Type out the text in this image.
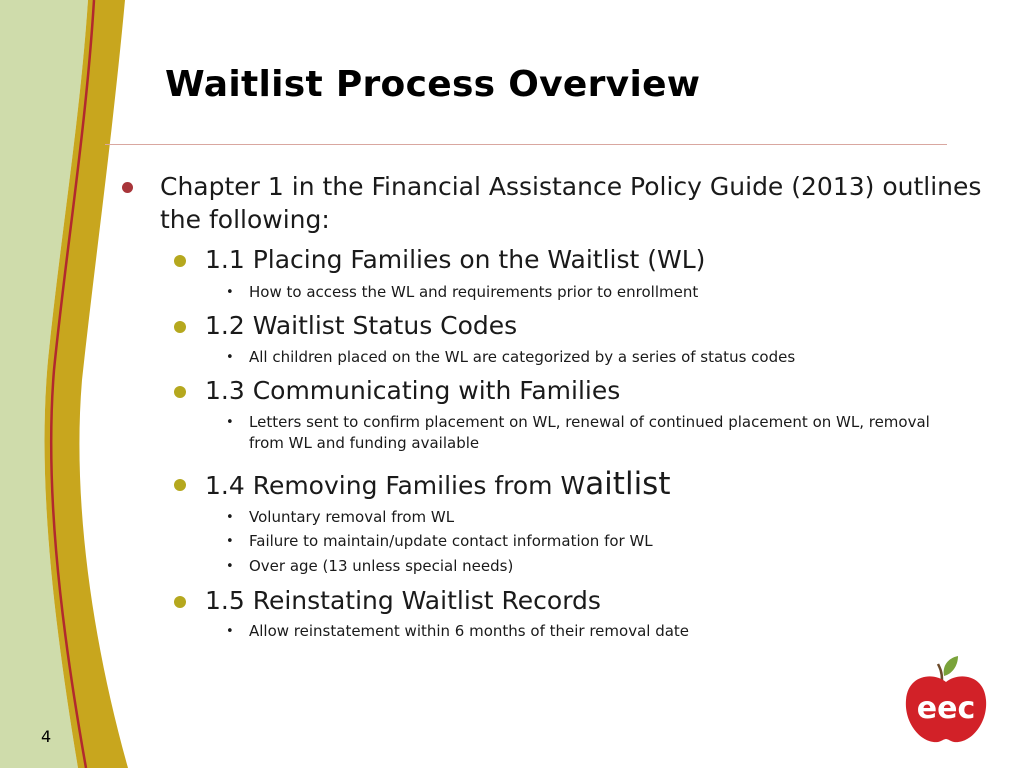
Waitlist Process Overview
Chapter 1 in the Financial Assistance Policy Guide (2013) outlines the following:
1.1 Placing Families on the Waitlist (WL)
• How to access the WL and requirements prior to enrollment
1.2 Waitlist Status Codes
• All children placed on the WL are categorized by a series of status codes
1.3 Communicating with Families
• Letters sent to confirm placement on WL, renewal of continued placement on WL, removal from WL and funding available
1.4 Removing Families from Waitlist
• Voluntary removal from WL
• Failure to maintain/update contact information for WL
• Over age (13 unless special needs)
1.5 Reinstating Waitlist Records
• Allow reinstatement within 6 months of their removal date
4
eec
